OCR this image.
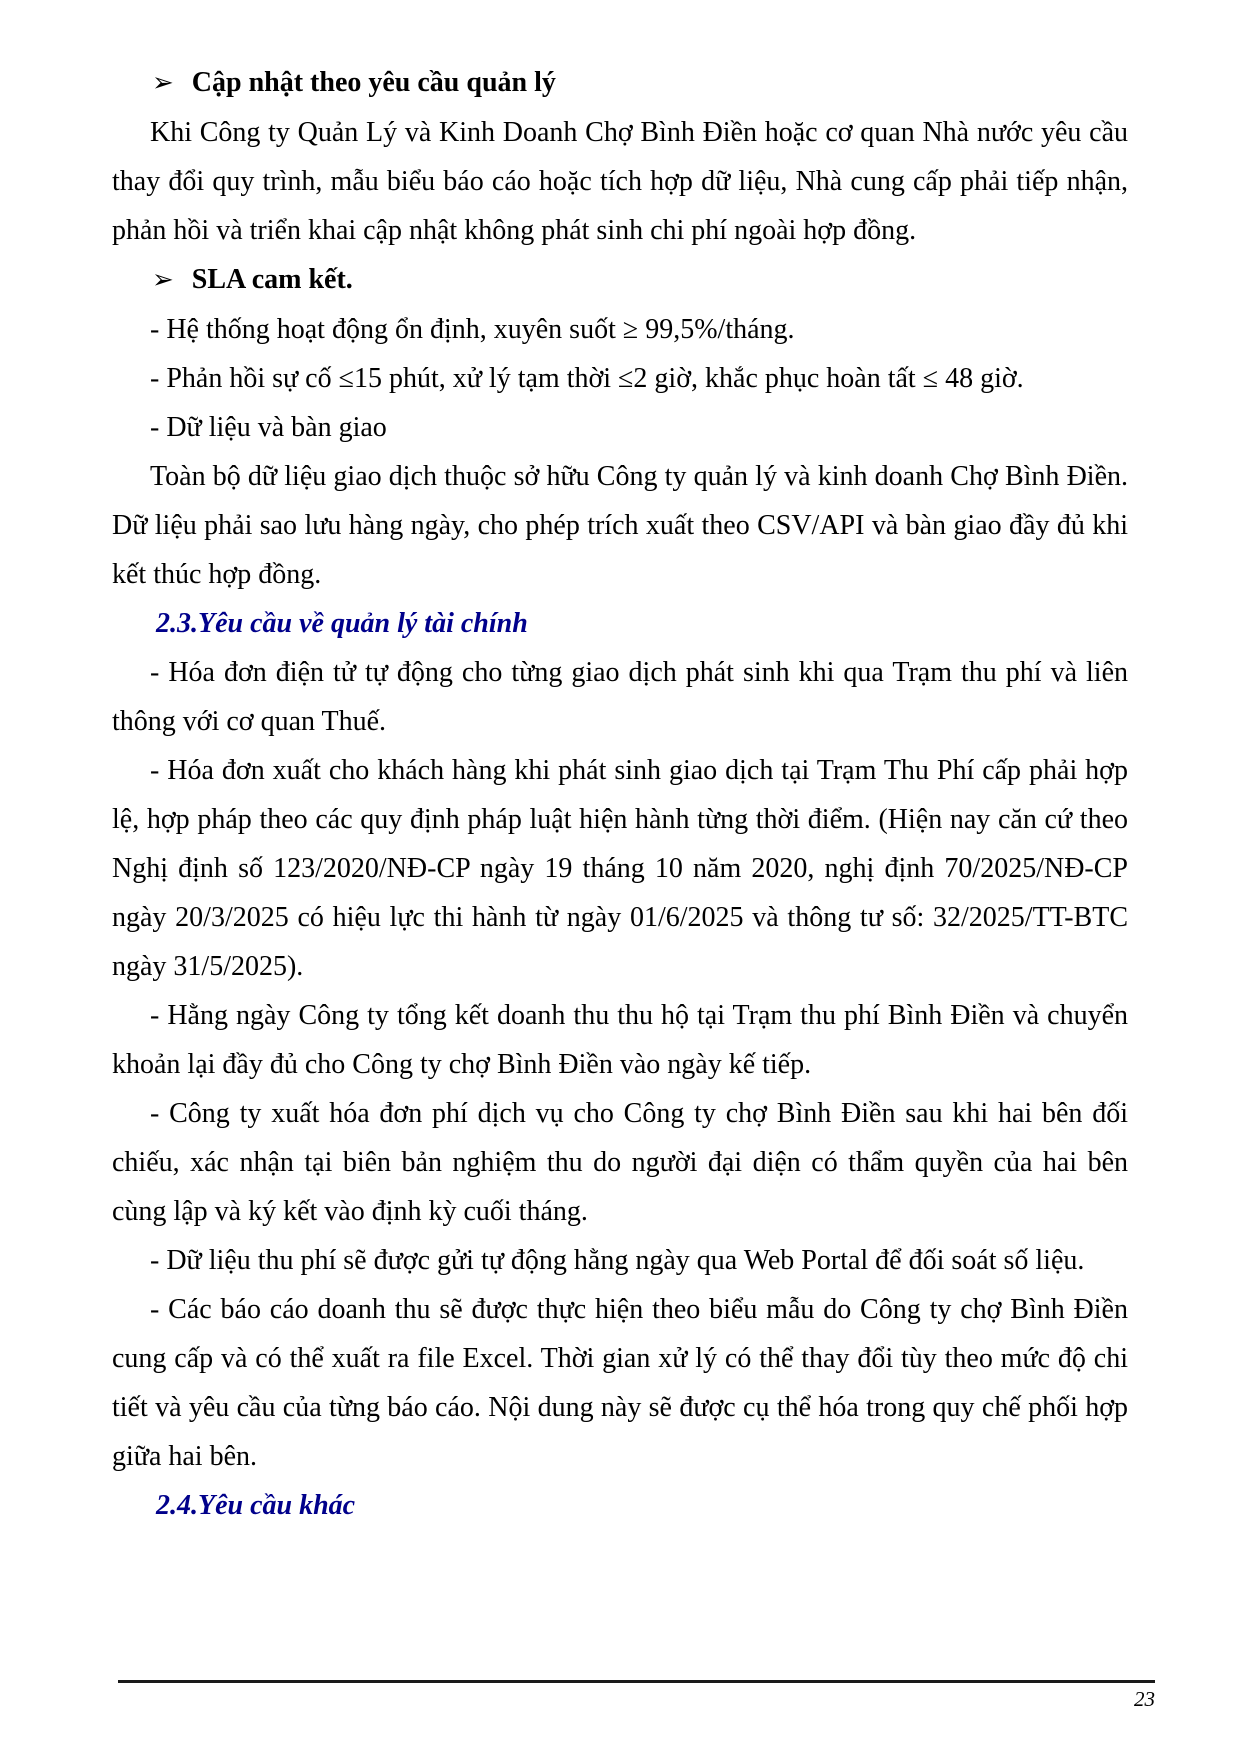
➢ Cập nhật theo yêu cầu quản lý

Khi Công ty Quản Lý và Kinh Doanh Chợ Bình Điền hoặc cơ quan Nhà nước yêu cầu thay đổi quy trình, mẫu biểu báo cáo hoặc tích hợp dữ liệu, Nhà cung cấp phải tiếp nhận, phản hồi và triển khai cập nhật không phát sinh chi phí ngoài hợp đồng.

➢ SLA cam kết.

- Hệ thống hoạt động ổn định, xuyên suốt ≥ 99,5%/tháng.

- Phản hồi sự cố ≤15 phút, xử lý tạm thời ≤2 giờ, khắc phục hoàn tất ≤ 48 giờ.

- Dữ liệu và bàn giao

Toàn bộ dữ liệu giao dịch thuộc sở hữu Công ty quản lý và kinh doanh Chợ Bình Điền. Dữ liệu phải sao lưu hàng ngày, cho phép trích xuất theo CSV/API và bàn giao đầy đủ khi kết thúc hợp đồng.

2.3.Yêu cầu về quản lý tài chính

- Hóa đơn điện tử tự động cho từng giao dịch phát sinh khi qua Trạm thu phí và liên thông với cơ quan Thuế.

- Hóa đơn xuất cho khách hàng khi phát sinh giao dịch tại Trạm Thu Phí cấp phải hợp lệ, hợp pháp theo các quy định pháp luật hiện hành từng thời điểm. (Hiện nay căn cứ theo Nghị định số 123/2020/NĐ-CP ngày 19 tháng 10 năm 2020, nghị định 70/2025/NĐ-CP ngày 20/3/2025 có hiệu lực thi hành từ ngày 01/6/2025 và thông tư số: 32/2025/TT-BTC ngày 31/5/2025).

- Hằng ngày Công ty tổng kết doanh thu thu hộ tại Trạm thu phí Bình Điền và chuyển khoản lại đầy đủ cho Công ty chợ Bình Điền vào ngày kế tiếp.

- Công ty xuất hóa đơn phí dịch vụ cho Công ty chợ Bình Điền sau khi hai bên đối chiếu, xác nhận tại biên bản nghiệm thu do người đại diện có thẩm quyền của hai bên cùng lập và ký kết vào định kỳ cuối tháng.

- Dữ liệu thu phí sẽ được gửi tự động hằng ngày qua Web Portal để đối soát số liệu.

- Các báo cáo doanh thu sẽ được thực hiện theo biểu mẫu do Công ty chợ Bình Điền cung cấp và có thể xuất ra file Excel. Thời gian xử lý có thể thay đổi tùy theo mức độ chi tiết và yêu cầu của từng báo cáo. Nội dung này sẽ được cụ thể hóa trong quy chế phối hợp giữa hai bên.

2.4.Yêu cầu khác

23
